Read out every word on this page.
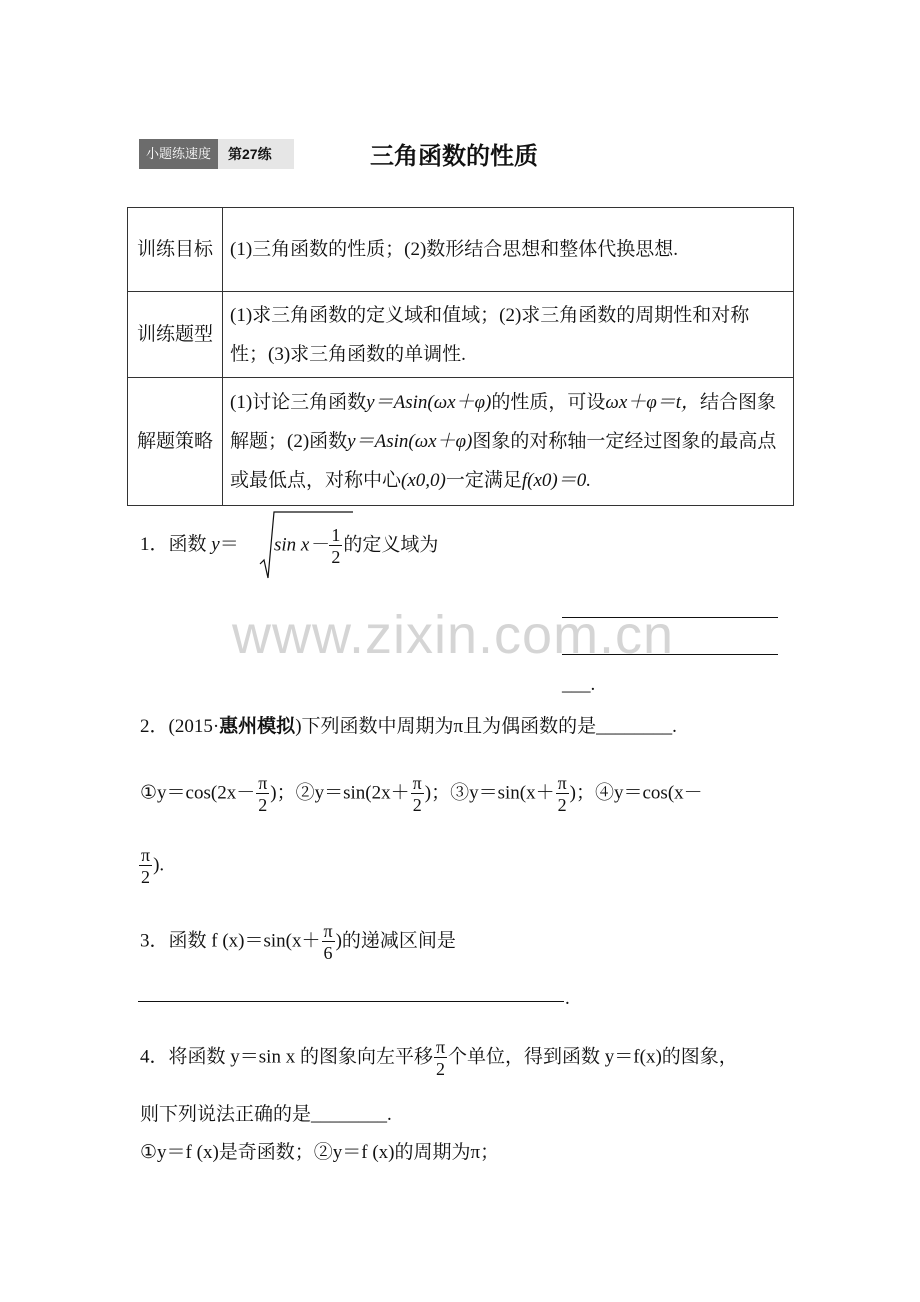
小题练速度	第27练	三角函数的性质
训练目标	(1)三角函数的性质；(2)数形结合思想和整体代换思想.
训练题型	(1)求三角函数的定义域和值域；(2)求三角函数的周期性和对称性；(3)求三角函数的单调性.
解题策略	(1)讨论三角函数y＝Asin(ωx＋φ)的性质，可设ωx＋φ＝t，结合图象解题；(2)函数y＝Asin(ωx＋φ)图象的对称轴一定经过图象的最高点或最低点，对称中心(x0,0)一定满足f(x0)＝0.
1．函数 $y= \sin x- \frac{1}{2}$ 的定义域为
___.
www.zixin.com.cn
2．(2015·惠州模拟)下列函数中周期为π且为偶函数的是________.
①y＝cos(2x－ $\frac{\pi}{2}$ )；②y＝sin(2x＋ $\frac{\pi}{2}$ )；③y＝sin(x＋ $\frac{\pi}{2}$ )；④y＝cos(x－
$\frac{\pi}{2}$ ).
3．函数 f $(x)=\sin(x+ \frac{\pi}{6}$ )的递减区间是
.
4．将函数 y＝sin x 的图象向左平移 $\frac{\pi}{2}$ 个单位，得到函数 y＝f(x)的图象，
则下列说法正确的是________.
①y＝f (x)是奇函数；②y＝f (x)的周期为π；
